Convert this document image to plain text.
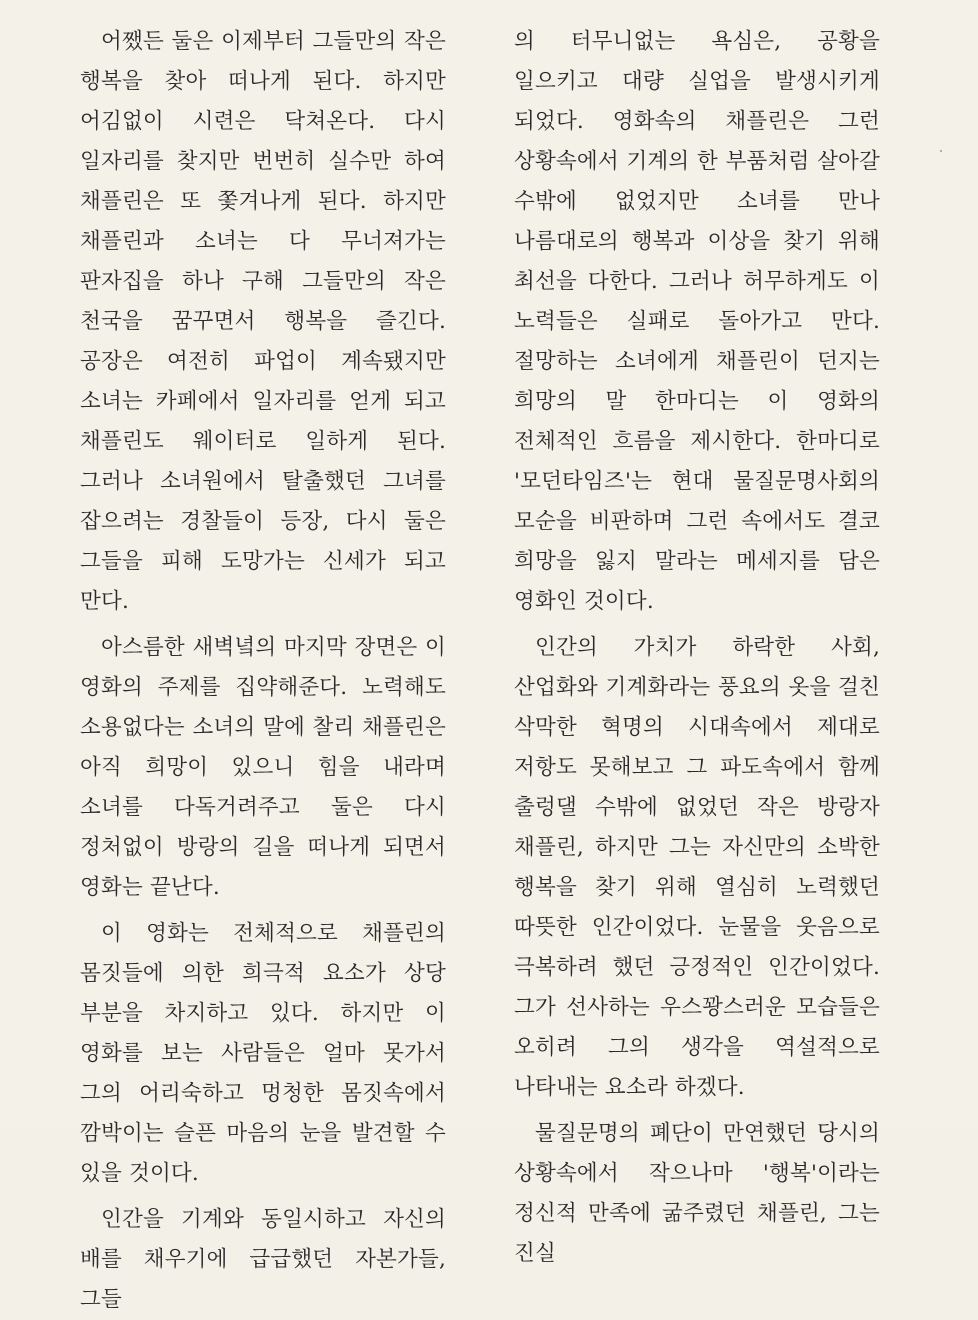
어쨌든 둘은 이제부터 그들만의 작은 행복을 찾아 떠나게 된다. 하지만 어김없이 시련은 닥쳐온다. 다시 일자리를 찾지만 번번히 실수만 하여 채플린은 또 쫓겨나게 된다. 하지만 채플린과 소녀는 다 무너져가는 판자집을 하나 구해 그들만의 작은 천국을 꿈꾸면서 행복을 즐긴다. 공장은 여전히 파업이 계속됐지만 소녀는 카페에서 일자리를 얻게 되고 채플린도 웨이터로 일하게 된다. 그러나 소녀원에서 탈출했던 그녀를 잡으려는 경찰들이 등장, 다시 둘은 그들을 피해 도망가는 신세가 되고 만다.

아스름한 새벽녘의 마지막 장면은 이 영화의 주제를 집약해준다. 노력해도 소용없다는 소녀의 말에 찰리 채플린은 아직 희망이 있으니 힘을 내라며 소녀를 다독거려주고 둘은 다시 정처없이 방랑의 길을 떠나게 되면서 영화는 끝난다.

이 영화는 전체적으로 채플린의 몸짓들에 의한 희극적 요소가 상당 부분을 차지하고 있다. 하지만 이 영화를 보는 사람들은 얼마 못가서 그의 어리숙하고 멍청한 몸짓속에서 깜박이는 슬픈 마음의 눈을 발견할 수 있을 것이다.

인간을 기계와 동일시하고 자신의 배를 채우기에 급급했던 자본가들, 그들

의 터무니없는 욕심은, 공황을 일으키고 대량 실업을 발생시키게 되었다. 영화속의 채플린은 그런 상황속에서 기계의 한 부품처럼 살아갈 수밖에 없었지만 소녀를 만나 나름대로의 행복과 이상을 찾기 위해 최선을 다한다. 그러나 허무하게도 이 노력들은 실패로 돌아가고 만다. 절망하는 소녀에게 채플린이 던지는 희망의 말 한마디는 이 영화의 전체적인 흐름을 제시한다. 한마디로 '모던타임즈'는 현대 물질문명사회의 모순을 비판하며 그런 속에서도 결코 희망을 잃지 말라는 메세지를 담은 영화인 것이다.

인간의 가치가 하락한 사회, 산업화와 기계화라는 풍요의 옷을 걸친 삭막한 혁명의 시대속에서 제대로 저항도 못해보고 그 파도속에서 함께 출렁댈 수밖에 없었던 작은 방랑자 채플린, 하지만 그는 자신만의 소박한 행복을 찾기 위해 열심히 노력했던 따뜻한 인간이었다. 눈물을 웃음으로 극복하려 했던 긍정적인 인간이었다. 그가 선사하는 우스꽝스러운 모습들은 오히려 그의 생각을 역설적으로 나타내는 요소라 하겠다.

물질문명의 폐단이 만연했던 당시의 상황속에서 작으나마 '행복'이라는 정신적 만족에 굶주렸던 채플린, 그는 진실
